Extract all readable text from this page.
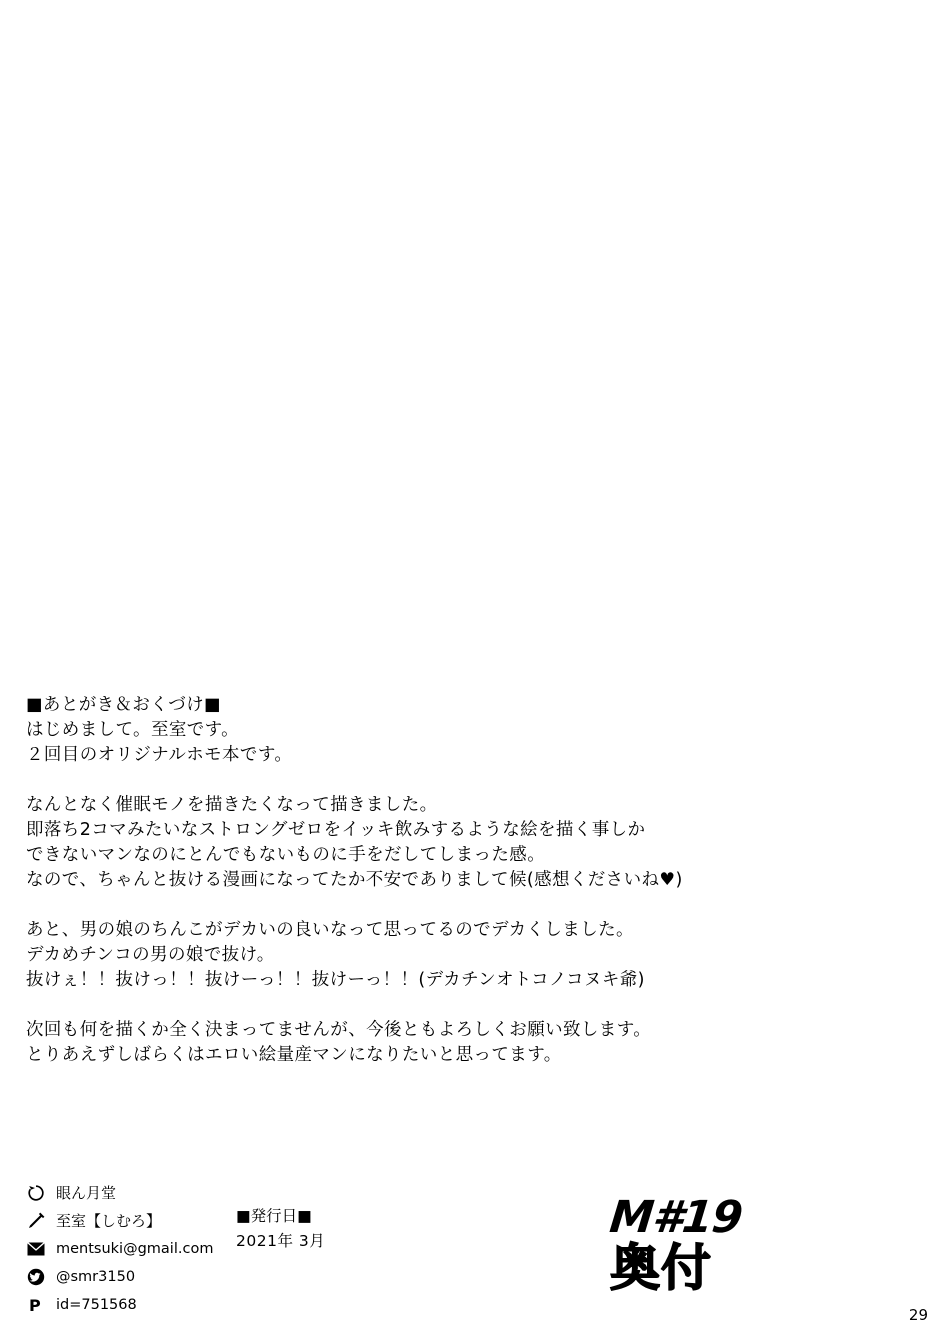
■あとがき＆おくづけ■
はじめまして。至室です。
２回目のオリジナルホモ本です。
なんとなく催眠モノを描きたくなって描きました。
即落ち2コマみたいなストロングゼロをイッキ飲みするような絵を描く事しか
できないマンなのにとんでもないものに手をだしてしまった感。
なので、ちゃんと抜ける漫画になってたか不安でありまして候(感想くださいね♥)
あと、男の娘のちんこがデカいの良いなって思ってるのでデカくしました。
デカめチンコの男の娘で抜け。
抜けぇ！！抜けっ！！抜けーっ！！抜けーっ！！(デカチンオトコノコヌキ爺)
次回も何を描くか全く決まってませんが、今後ともよろしくお願い致します。
とりあえずしばらくはエロい絵量産マンになりたいと思ってます。
眼ん月堂
至室【しむろ】
mentsuki@gmail.com
@smr3150
P id=751568
■発行日■
2021年 3月	M#19
奥付
29
